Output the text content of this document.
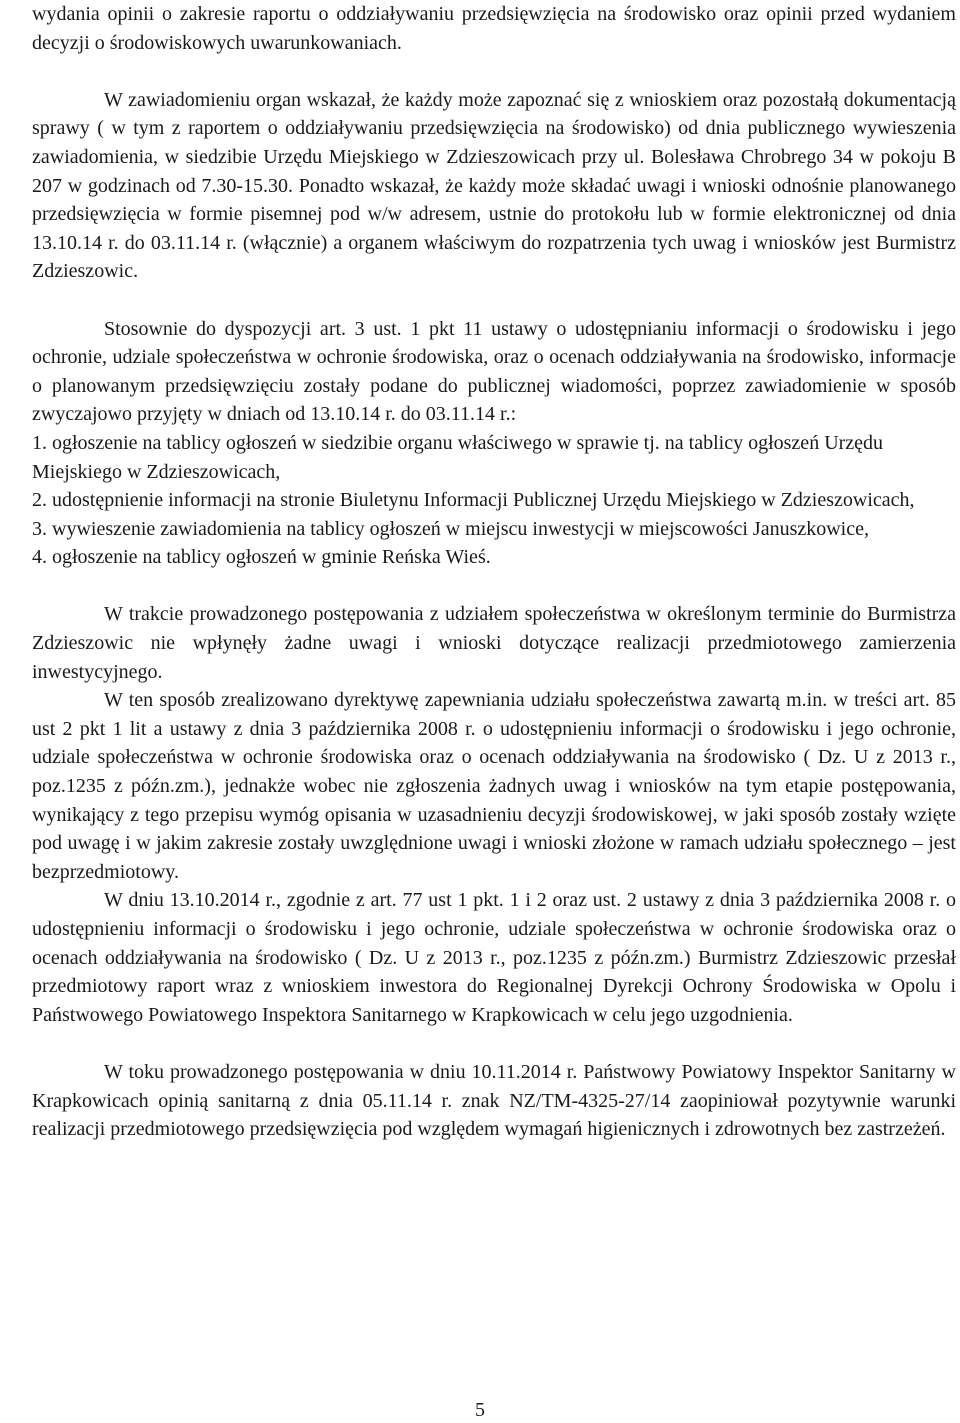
wydania opinii o zakresie raportu o oddziaływaniu przedsięwzięcia na środowisko oraz opinii przed wydaniem decyzji o środowiskowych uwarunkowaniach.

W zawiadomieniu organ wskazał, że każdy może zapoznać się z wnioskiem oraz pozostałą dokumentacją sprawy ( w tym z raportem o oddziaływaniu przedsięwzięcia na środowisko) od dnia publicznego wywieszenia zawiadomienia, w siedzibie Urzędu Miejskiego w Zdzieszowicach przy ul. Bolesława Chrobrego 34 w pokoju B 207 w godzinach od 7.30-15.30. Ponadto wskazał, że każdy może składać uwagi i wnioski odnośnie planowanego przedsięwzięcia w formie pisemnej pod w/w adresem, ustnie do protokołu lub w formie elektronicznej od dnia 13.10.14 r. do 03.11.14 r. (włącznie) a organem właściwym do rozpatrzenia tych uwag i wniosków jest Burmistrz Zdzieszowic.

Stosownie do dyspozycji art. 3 ust. 1 pkt 11 ustawy o udostępnianiu informacji o środowisku i jego ochronie, udziale społeczeństwa w ochronie środowiska, oraz o ocenach oddziaływania na środowisko, informacje o planowanym przedsięwzięciu zostały podane do publicznej wiadomości, poprzez zawiadomienie w sposób zwyczajowo przyjęty w dniach od 13.10.14 r. do 03.11.14 r.:

1. ogłoszenie na tablicy ogłoszeń w siedzibie organu właściwego w sprawie tj. na tablicy ogłoszeń Urzędu Miejskiego w Zdzieszowicach,

2. udostępnienie informacji na stronie Biuletynu Informacji Publicznej Urzędu Miejskiego w Zdzieszowicach,

3. wywieszenie zawiadomienia na tablicy ogłoszeń w miejscu inwestycji w miejscowości Januszkowice,

4. ogłoszenie na tablicy ogłoszeń w gminie Reńska Wieś.

W trakcie prowadzonego postępowania z udziałem społeczeństwa w określonym terminie do Burmistrza Zdzieszowic nie wpłynęły żadne uwagi i wnioski dotyczące realizacji przedmiotowego zamierzenia inwestycyjnego.

W ten sposób zrealizowano dyrektywę zapewniania udziału społeczeństwa zawartą m.in. w treści art. 85 ust 2 pkt 1 lit a ustawy z dnia 3 października 2008 r. o udostępnieniu informacji o środowisku i jego ochronie, udziale społeczeństwa w ochronie środowiska oraz o ocenach oddziaływania na środowisko ( Dz. U z 2013 r., poz.1235 z późn.zm.), jednakże wobec nie zgłoszenia żadnych uwag i wniosków na tym etapie postępowania, wynikający z tego przepisu wymóg opisania w uzasadnieniu decyzji środowiskowej, w jaki sposób zostały wzięte pod uwagę i w jakim zakresie zostały uwzględnione uwagi i wnioski złożone w ramach udziału społecznego – jest bezprzedmiotowy.

W dniu 13.10.2014 r., zgodnie z art. 77 ust 1 pkt. 1 i 2 oraz ust. 2 ustawy z dnia 3 października 2008 r. o udostępnieniu informacji o środowisku i jego ochronie, udziale społeczeństwa w ochronie środowiska oraz o ocenach oddziaływania na środowisko ( Dz. U z 2013 r., poz.1235 z późn.zm.) Burmistrz Zdzieszowic przesłał przedmiotowy raport wraz z wnioskiem inwestora do Regionalnej Dyrekcji Ochrony Środowiska w Opolu i Państwowego Powiatowego Inspektora Sanitarnego w Krapkowicach w celu jego uzgodnienia.

W toku prowadzonego postępowania w dniu 10.11.2014 r. Państwowy Powiatowy Inspektor Sanitarny w Krapkowicach opinią sanitarną z dnia 05.11.14 r. znak NZ/TM-4325-27/14 zaopiniował pozytywnie warunki realizacji przedmiotowego przedsięwzięcia pod względem wymagań higienicznych i zdrowotnych bez zastrzeżeń.

5
